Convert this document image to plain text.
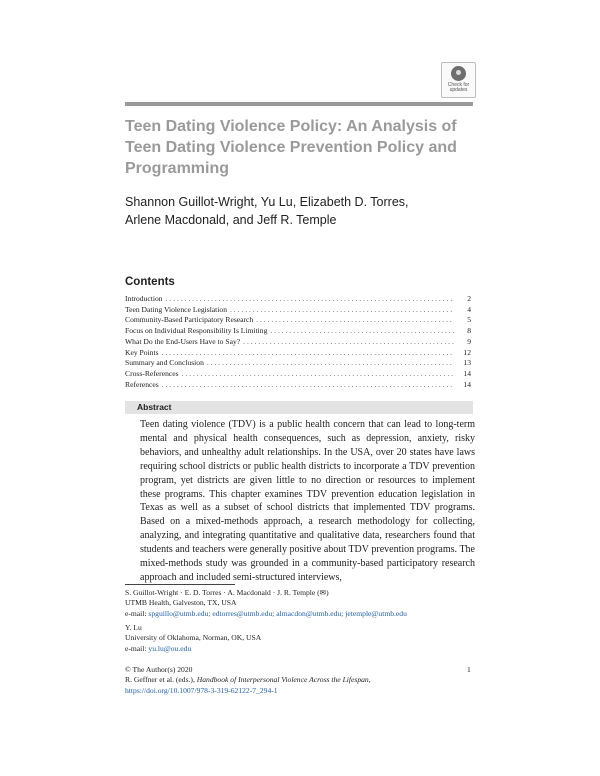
Check for
updates
Teen Dating Violence Policy: An Analysis of Teen Dating Violence Prevention Policy and Programming
Shannon Guillot-Wright, Yu Lu, Elizabeth D. Torres,
Arlene Macdonald, and Jeff R. Temple
Contents
Introduction . . .	2
Teen Dating Violence Legislation . . .	4
Community-Based Participatory Research . . .	5
Focus on Individual Responsibility Is Limiting . . .	8
What Do the End-Users Have to Say? . . .	9
Key Points . . .	12
Summary and Conclusion . . .	13
Cross-References . . .	14
References . . .	14
Abstract
Teen dating violence (TDV) is a public health concern that can lead to long-term mental and physical health consequences, such as depression, anxiety, risky behaviors, and unhealthy adult relationships. In the USA, over 20 states have laws requiring school districts or public health districts to incorporate a TDV prevention program, yet districts are given little to no direction or resources to implement these programs. This chapter examines TDV prevention education legislation in Texas as well as a subset of school districts that implemented TDV programs. Based on a mixed-methods approach, a research methodology for collecting, analyzing, and integrating quantitative and qualitative data, researchers found that students and teachers were generally positive about TDV prevention programs. The mixed-methods study was grounded in a community-based participatory research approach and included semi-structured interviews,
S. Guillot-Wright · E. D. Torres · A. Macdonald · J. R. Temple (✉)
UTMB Health, Galveston, TX, USA
e-mail: spguillo@utmb.edu; edtorres@utmb.edu; almacdon@utmb.edu; jetemple@utmb.edu
Y. Lu
University of Oklahoma, Norman, OK, USA
e-mail: yu.lu@ou.edu
© The Author(s) 2020
R. Geffner et al. (eds.), Handbook of Interpersonal Violence Across the Lifespan,
https://doi.org/10.1007/978-3-319-62122-7_294-1
1
